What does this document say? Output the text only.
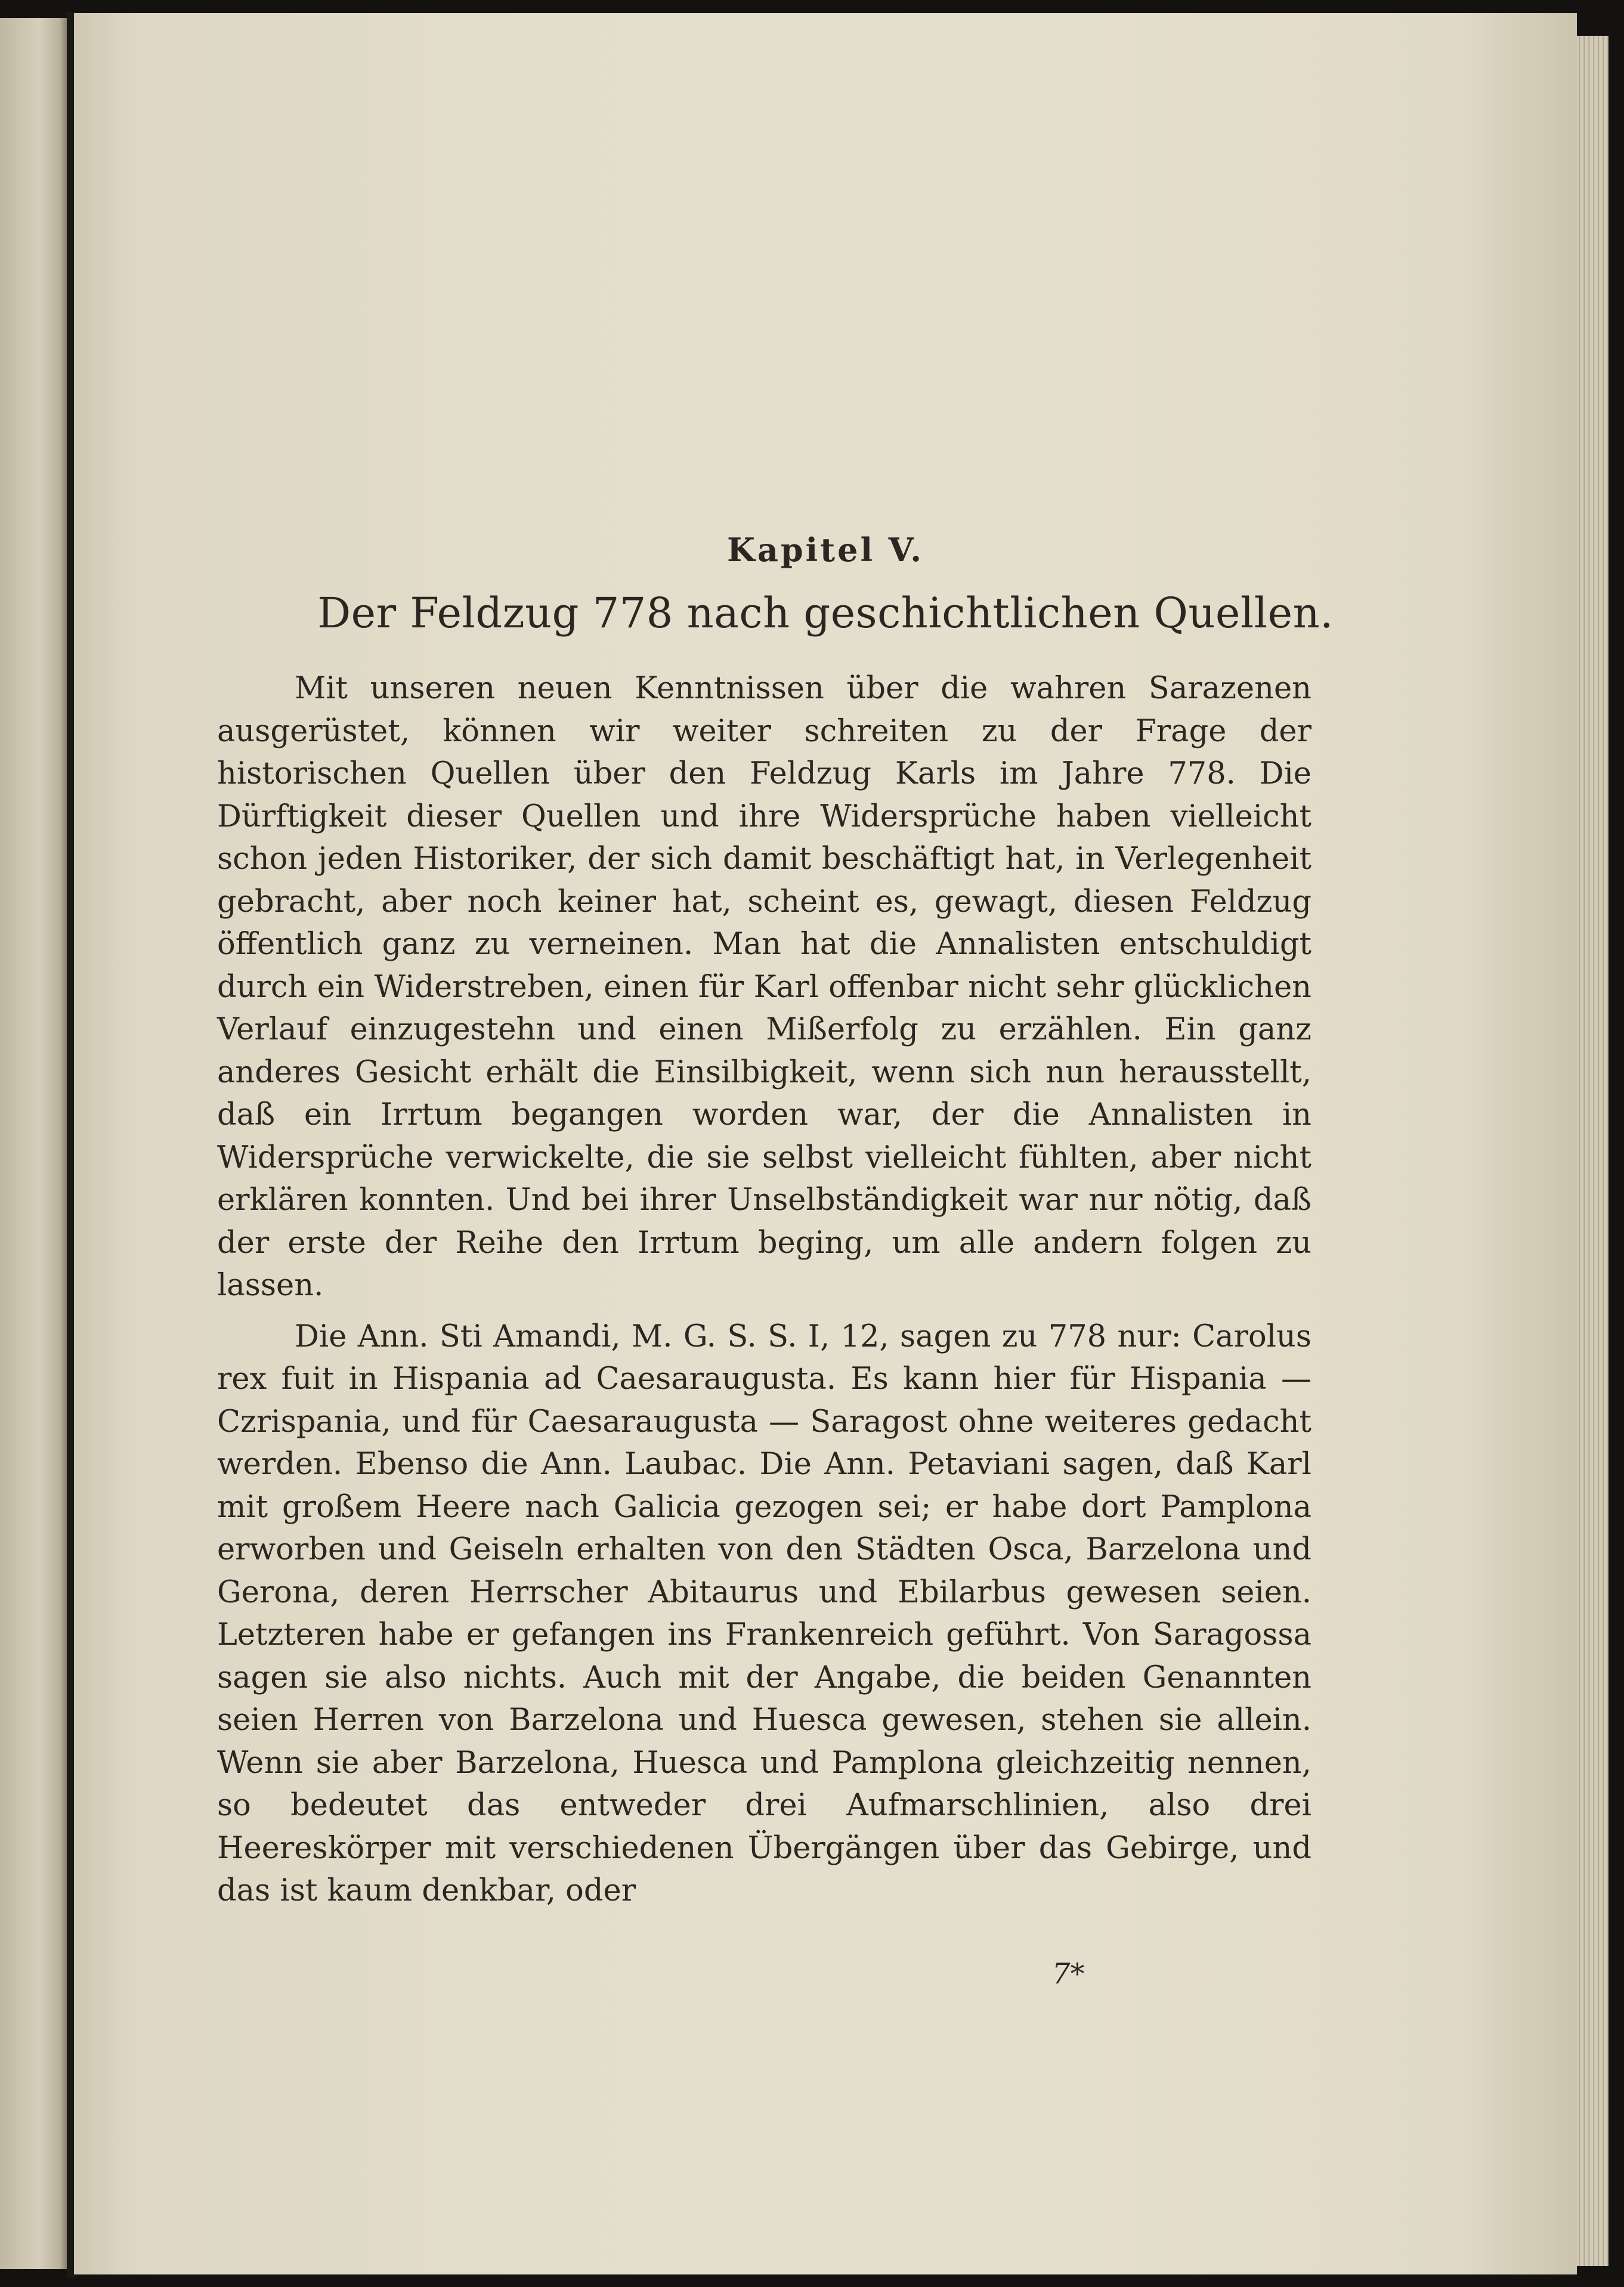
Kapitel V.
Der Feldzug 778 nach geschichtlichen Quellen.

Mit unseren neuen Kenntnissen über die wahren Sarazenen ausgerüstet, können wir weiter schreiten zu der Frage der historischen Quellen über den Feldzug Karls im Jahre 778. Die Dürftigkeit dieser Quellen und ihre Widersprüche haben vielleicht schon jeden Historiker, der sich damit beschäftigt hat, in Verlegenheit gebracht, aber noch keiner hat, scheint es, gewagt, diesen Feldzug öffentlich ganz zu verneinen. Man hat die Annalisten entschuldigt durch ein Widerstreben, einen für Karl offenbar nicht sehr glücklichen Verlauf einzugestehn und einen Mißerfolg zu erzählen. Ein ganz anderes Gesicht erhält die Einsilbigkeit, wenn sich nun herausstellt, daß ein Irrtum begangen worden war, der die Annalisten in Widersprüche verwickelte, die sie selbst vielleicht fühlten, aber nicht erklären konnten. Und bei ihrer Unselbständigkeit war nur nötig, daß der erste der Reihe den Irrtum beging, um alle andern folgen zu lassen.

Die Ann. Sti Amandi, M. G. S. S. I, 12, sagen zu 778 nur: Carolus rex fuit in Hispania ad Caesaraugusta. Es kann hier für Hispania — Czrispania, und für Caesaraugusta — Saragost ohne weiteres gedacht werden. Ebenso die Ann. Laubac. Die Ann. Petaviani sagen, daß Karl mit großem Heere nach Galicia gezogen sei; er habe dort Pamplona erworben und Geiseln erhalten von den Städten Osca, Barzelona und Gerona, deren Herrscher Abitaurus und Ebilarbus gewesen seien. Letzteren habe er gefangen ins Frankenreich geführt. Von Saragossa sagen sie also nichts. Auch mit der Angabe, die beiden Genannten seien Herren von Barzelona und Huesca gewesen, stehen sie allein. Wenn sie aber Barzelona, Huesca und Pamplona gleichzeitig nennen, so bedeutet das entweder drei Aufmarschlinien, also drei Heereskörper mit verschiedenen Übergängen über das Gebirge, und das ist kaum denkbar, oder

7*
